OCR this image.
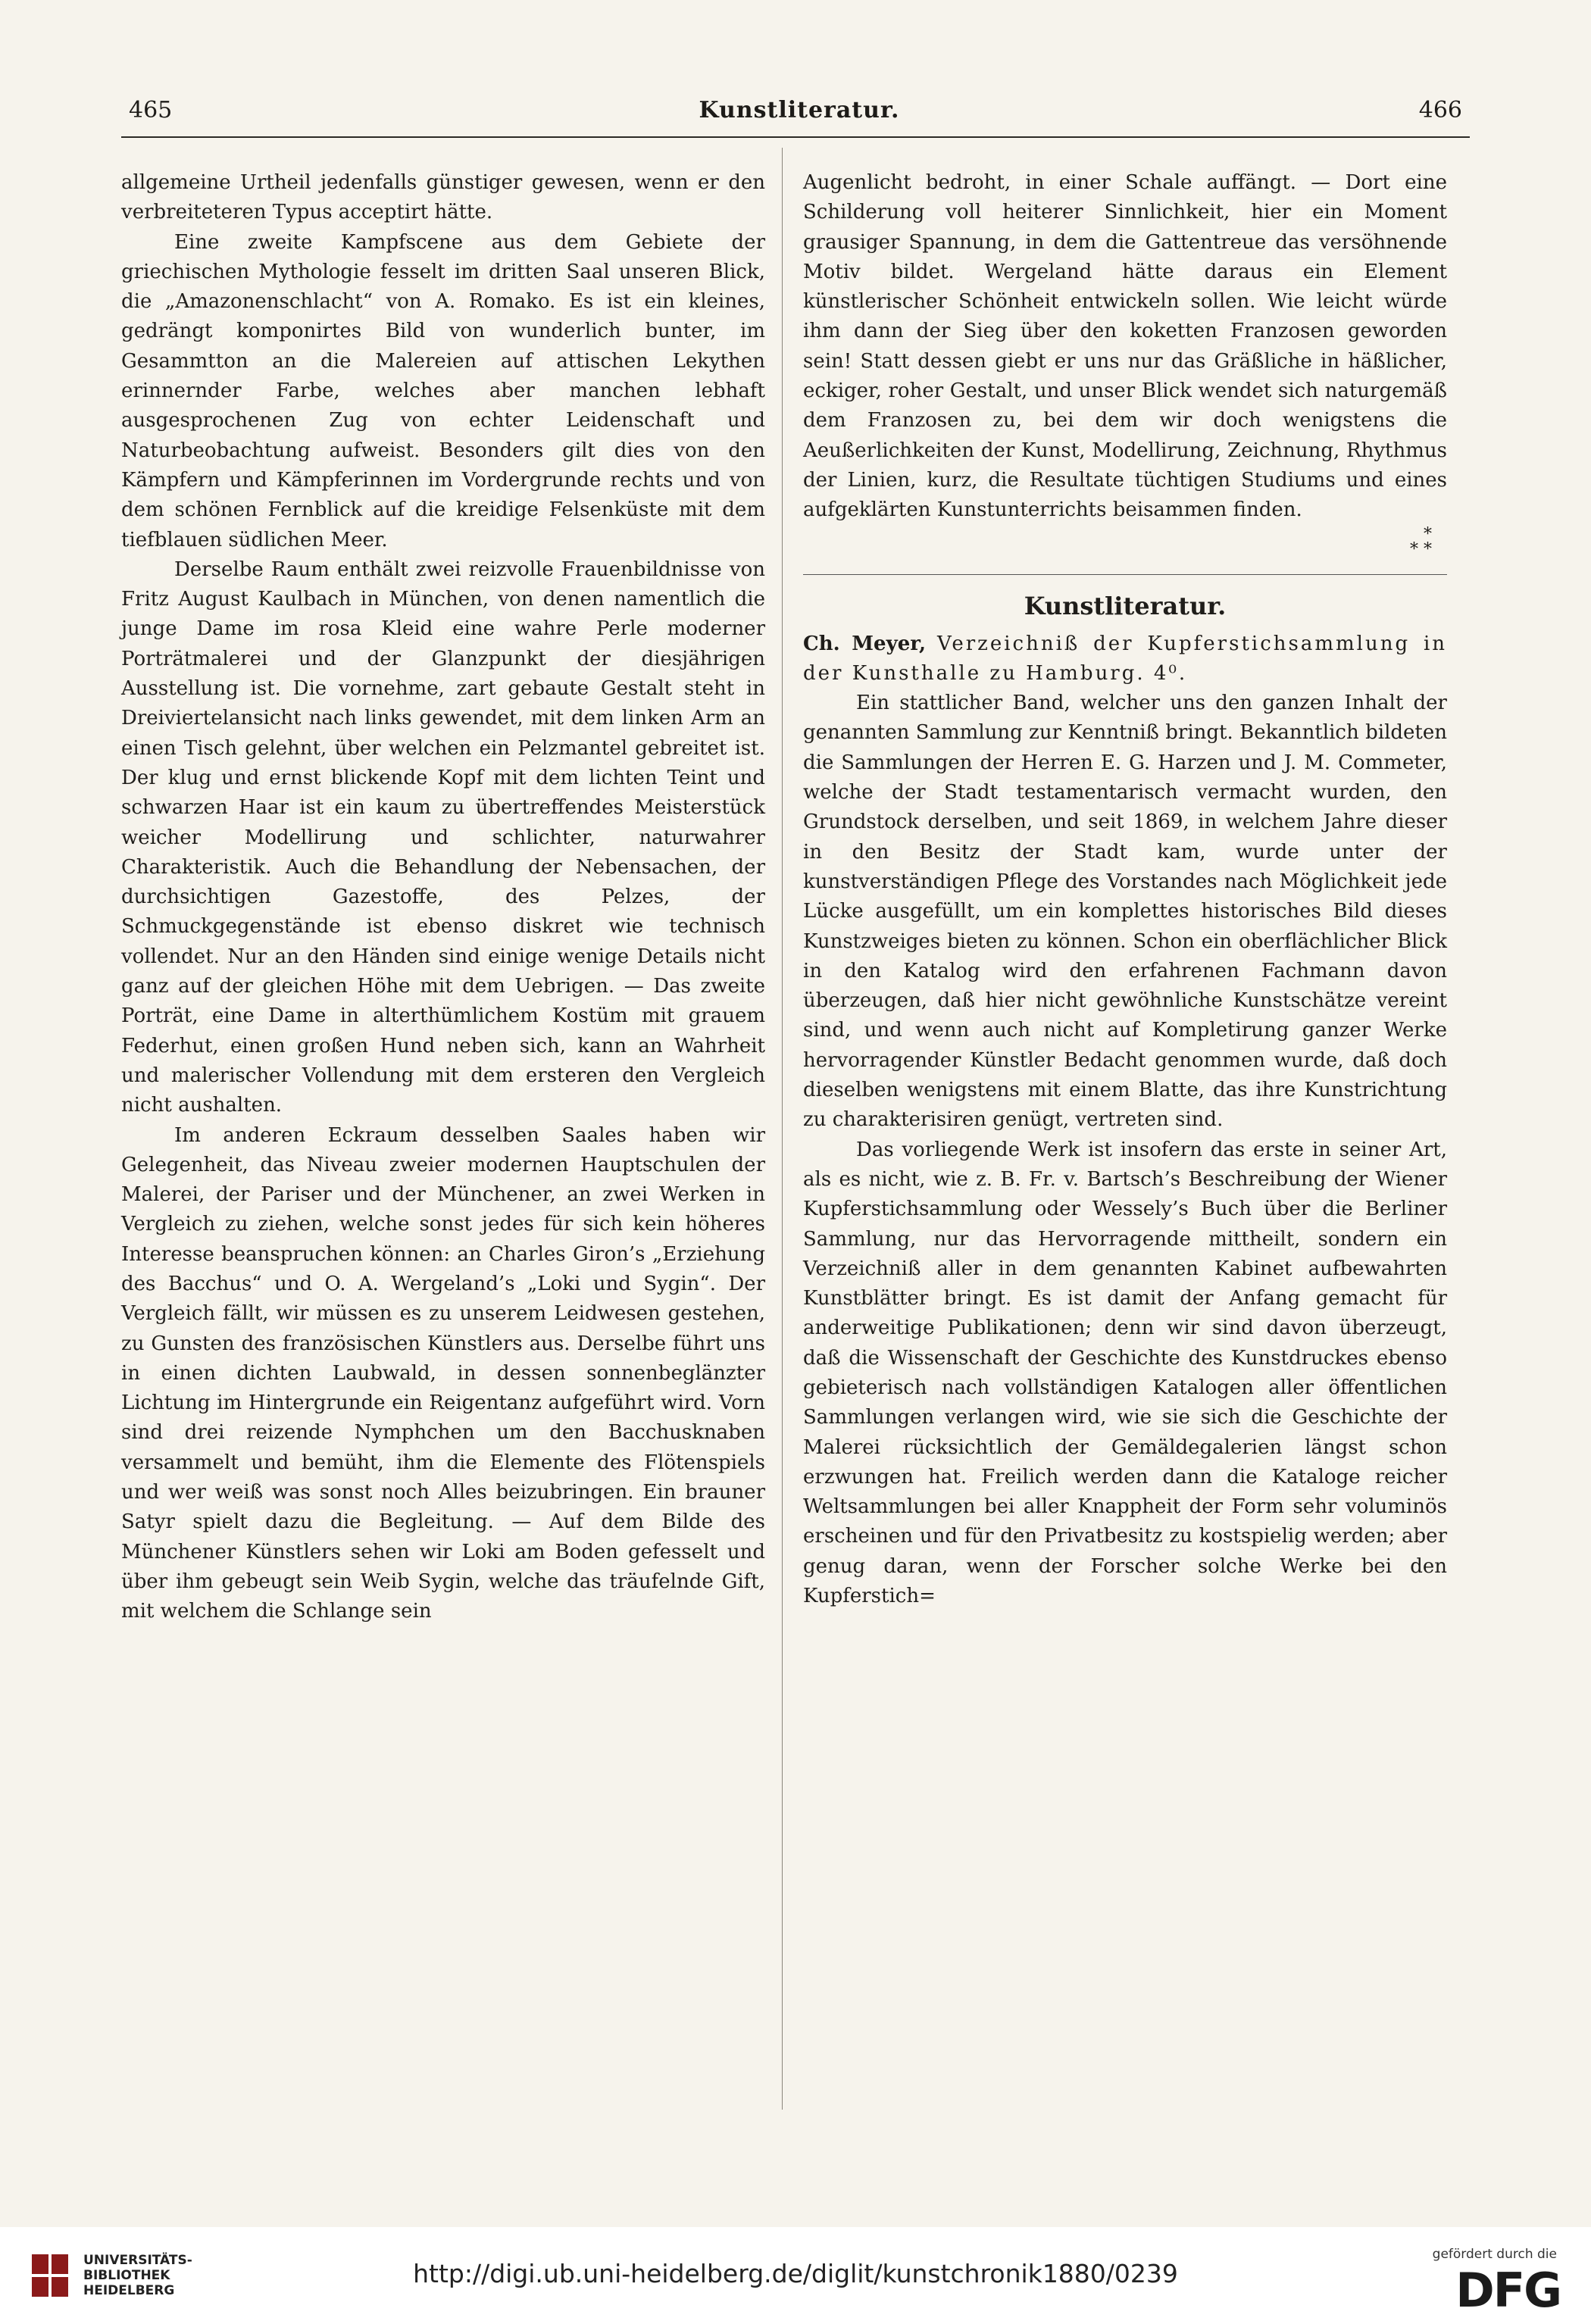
465	Kunstliteratur.	466

allgemeine Urtheil jedenfalls günstiger gewesen, wenn er den verbreiteteren Typus acceptirt hätte.

Eine zweite Kampfscene aus dem Gebiete der griechischen Mythologie fesselt im dritten Saal unseren Blick, die „Amazonenschlacht“ von A. Romako. Es ist ein kleines, gedrängt komponirtes Bild von wunderlich bunter, im Gesammtton an die Malereien auf attischen Lekythen erinnernder Farbe, welches aber manchen lebhaft ausgesprochenen Zug von echter Leidenschaft und Naturbeobachtung aufweist. Besonders gilt dies von den Kämpfern und Kämpferinnen im Vordergrunde rechts und von dem schönen Fernblick auf die kreidige Felsenküste mit dem tiefblauen südlichen Meer.

Derselbe Raum enthält zwei reizvolle Frauenbildnisse von Fritz August Kaulbach in München, von denen namentlich die junge Dame im rosa Kleid eine wahre Perle moderner Porträtmalerei und der Glanzpunkt der diesjährigen Ausstellung ist. Die vornehme, zart gebaute Gestalt steht in Dreiviertelansicht nach links gewendet, mit dem linken Arm an einen Tisch gelehnt, über welchen ein Pelzmantel gebreitet ist. Der klug und ernst blickende Kopf mit dem lichten Teint und schwarzen Haar ist ein kaum zu übertreffendes Meisterstück weicher Modellirung und schlichter, naturwahrer Charakteristik. Auch die Behandlung der Nebensachen, der durchsichtigen Gazestoffe, des Pelzes, der Schmuckgegenstände ist ebenso diskret wie technisch vollendet. Nur an den Händen sind einige wenige Details nicht ganz auf der gleichen Höhe mit dem Uebrigen. — Das zweite Porträt, eine Dame in alterthümlichem Kostüm mit grauem Federhut, einen großen Hund neben sich, kann an Wahrheit und malerischer Vollendung mit dem ersteren den Vergleich nicht aushalten.

Im anderen Eckraum desselben Saales haben wir Gelegenheit, das Niveau zweier modernen Hauptschulen der Malerei, der Pariser und der Münchener, an zwei Werken in Vergleich zu ziehen, welche sonst jedes für sich kein höheres Interesse beanspruchen können: an Charles Giron’s „Erziehung des Bacchus“ und O. A. Wergeland’s „Loki und Sygin“. Der Vergleich fällt, wir müssen es zu unserem Leidwesen gestehen, zu Gunsten des französischen Künstlers aus. Derselbe führt uns in einen dichten Laubwald, in dessen sonnenbeglänzter Lichtung im Hintergrunde ein Reigentanz aufgeführt wird. Vorn sind drei reizende Nymphchen um den Bacchusknaben versammelt und bemüht, ihm die Elemente des Flötenspiels und wer weiß was sonst noch Alles beizubringen. Ein brauner Satyr spielt dazu die Begleitung. — Auf dem Bilde des Münchener Künstlers sehen wir Loki am Boden gefesselt und über ihm gebeugt sein Weib Sygin, welche das träufelnde Gift, mit welchem die Schlange sein

Augenlicht bedroht, in einer Schale auffängt. — Dort eine Schilderung voll heiterer Sinnlichkeit, hier ein Moment grausiger Spannung, in dem die Gattentreue das versöhnende Motiv bildet. Wergeland hätte daraus ein Element künstlerischer Schönheit entwickeln sollen. Wie leicht würde ihm dann der Sieg über den koketten Franzosen geworden sein! Statt dessen giebt er uns nur das Gräßliche in häßlicher, eckiger, roher Gestalt, und unser Blick wendet sich naturgemäß dem Franzosen zu, bei dem wir doch wenigstens die Aeußerlichkeiten der Kunst, Modellirung, Zeichnung, Rhythmus der Linien, kurz, die Resultate tüchtigen Studiums und eines aufgeklärten Kunstunterrichts beisammen finden.

*
* *
Kunstliteratur.

Ch. Meyer, Verzeichniß der Kupferstichsammlung in der Kunsthalle zu Hamburg. 4⁰.

Ein stattlicher Band, welcher uns den ganzen Inhalt der genannten Sammlung zur Kenntniß bringt. Bekanntlich bildeten die Sammlungen der Herren E. G. Harzen und J. M. Commeter, welche der Stadt testamentarisch vermacht wurden, den Grundstock derselben, und seit 1869, in welchem Jahre dieser in den Besitz der Stadt kam, wurde unter der kunstverständigen Pflege des Vorstandes nach Möglichkeit jede Lücke ausgefüllt, um ein komplettes historisches Bild dieses Kunstzweiges bieten zu können. Schon ein oberflächlicher Blick in den Katalog wird den erfahrenen Fachmann davon überzeugen, daß hier nicht gewöhnliche Kunstschätze vereint sind, und wenn auch nicht auf Kompletirung ganzer Werke hervorragender Künstler Bedacht genommen wurde, daß doch dieselben wenigstens mit einem Blatte, das ihre Kunstrichtung zu charakterisiren genügt, vertreten sind.

Das vorliegende Werk ist insofern das erste in seiner Art, als es nicht, wie z. B. Fr. v. Bartsch’s Beschreibung der Wiener Kupferstichsammlung oder Wessely’s Buch über die Berliner Sammlung, nur das Hervorragende mittheilt, sondern ein Verzeichniß aller in dem genannten Kabinet aufbewahrten Kunstblätter bringt. Es ist damit der Anfang gemacht für anderweitige Publikationen; denn wir sind davon überzeugt, daß die Wissenschaft der Geschichte des Kunstdruckes ebenso gebieterisch nach vollständigen Katalogen aller öffentlichen Sammlungen verlangen wird, wie sie sich die Geschichte der Malerei rücksichtlich der Gemäldegalerien längst schon erzwungen hat. Freilich werden dann die Kataloge reicher Weltsammlungen bei aller Knappheit der Form sehr voluminös erscheinen und für den Privatbesitz zu kostspielig werden; aber genug daran, wenn der Forscher solche Werke bei den Kupferstich=

UNIVERSITÄTS-
BIBLIOTHEK
HEIDELBERG
http://digi.ub.uni-heidelberg.de/diglit/kunstchronik1880/0239
gefördert durch die
DFG
